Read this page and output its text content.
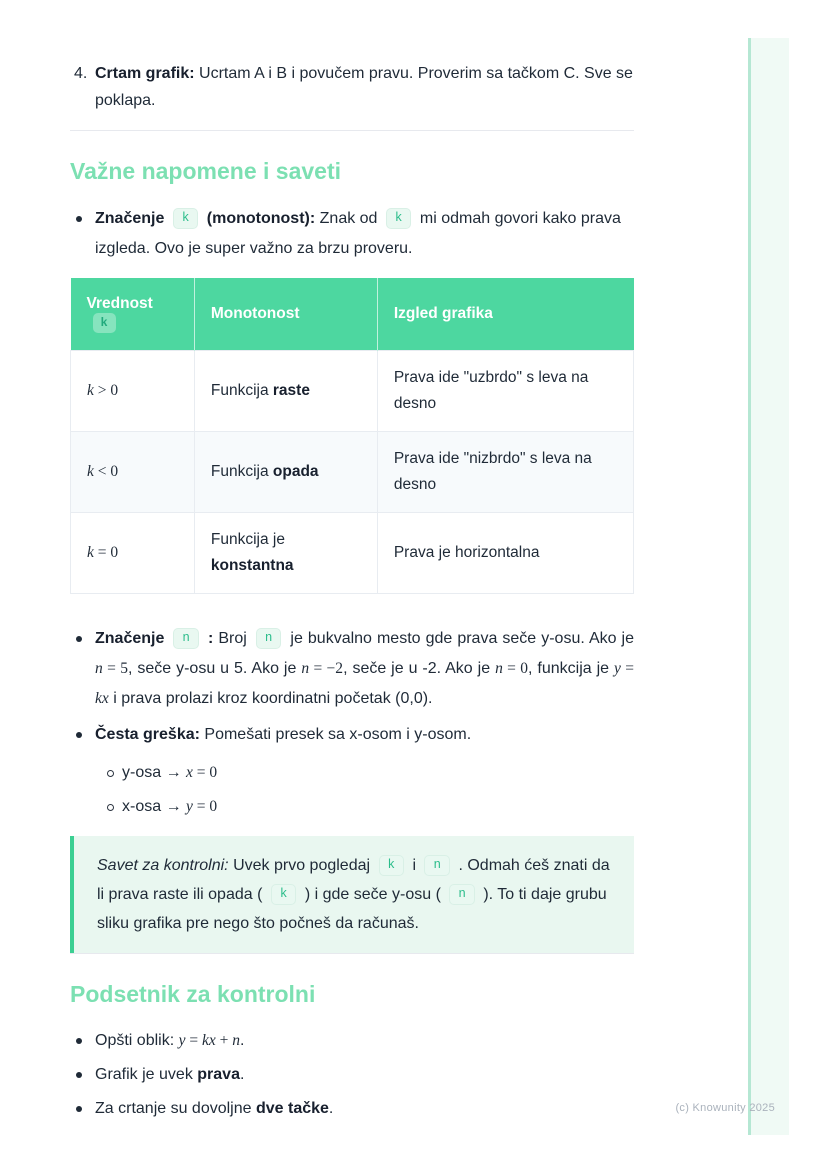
4. Crtam grafik: Ucrtam A i B i povučem pravu. Proverim sa tačkom C. Sve se poklapa.

Važne napomene i saveti

Značenje k (monotonost): Znak od k mi odmah govori kako prava izgleda. Ovo je super važno za brzu proveru.

Vrednostk	Monotonost	Izgled grafika
k > 0	Funkcija raste	Prava ide "uzbrdo" s leva na desno
k < 0	Funkcija opada	Prava ide "nizbrdo" s leva na desno
k = 0	Funkcija je konstantna	Prava je horizontalna

Značenje n : Broj n je bukvalno mesto gde prava seče y-osu. Ako je n = 5, seče y-osu u 5. Ako je n = −2, seče je u -2. Ako je n = 0, funkcija je y = kx i prava prolazi kroz koordinatni početak (0,0).

Česta greška: Pomešati presek sa x-osom i y-osom.

y-osa → x = 0
x-osa → y = 0

Savet za kontrolni: Uvek prvo pogledaj k i n . Odmah ćeš znati da li prava raste ili opada ( k ) i gde seče y-osu ( n ). To ti daje grubu sliku grafika pre nego što počneš da računaš.

Podsetnik za kontrolni

Opšti oblik: y = kx + n.

Grafik je uvek prava.

Za crtanje su dovoljne dve tačke.	(c) Knowunity 2025
